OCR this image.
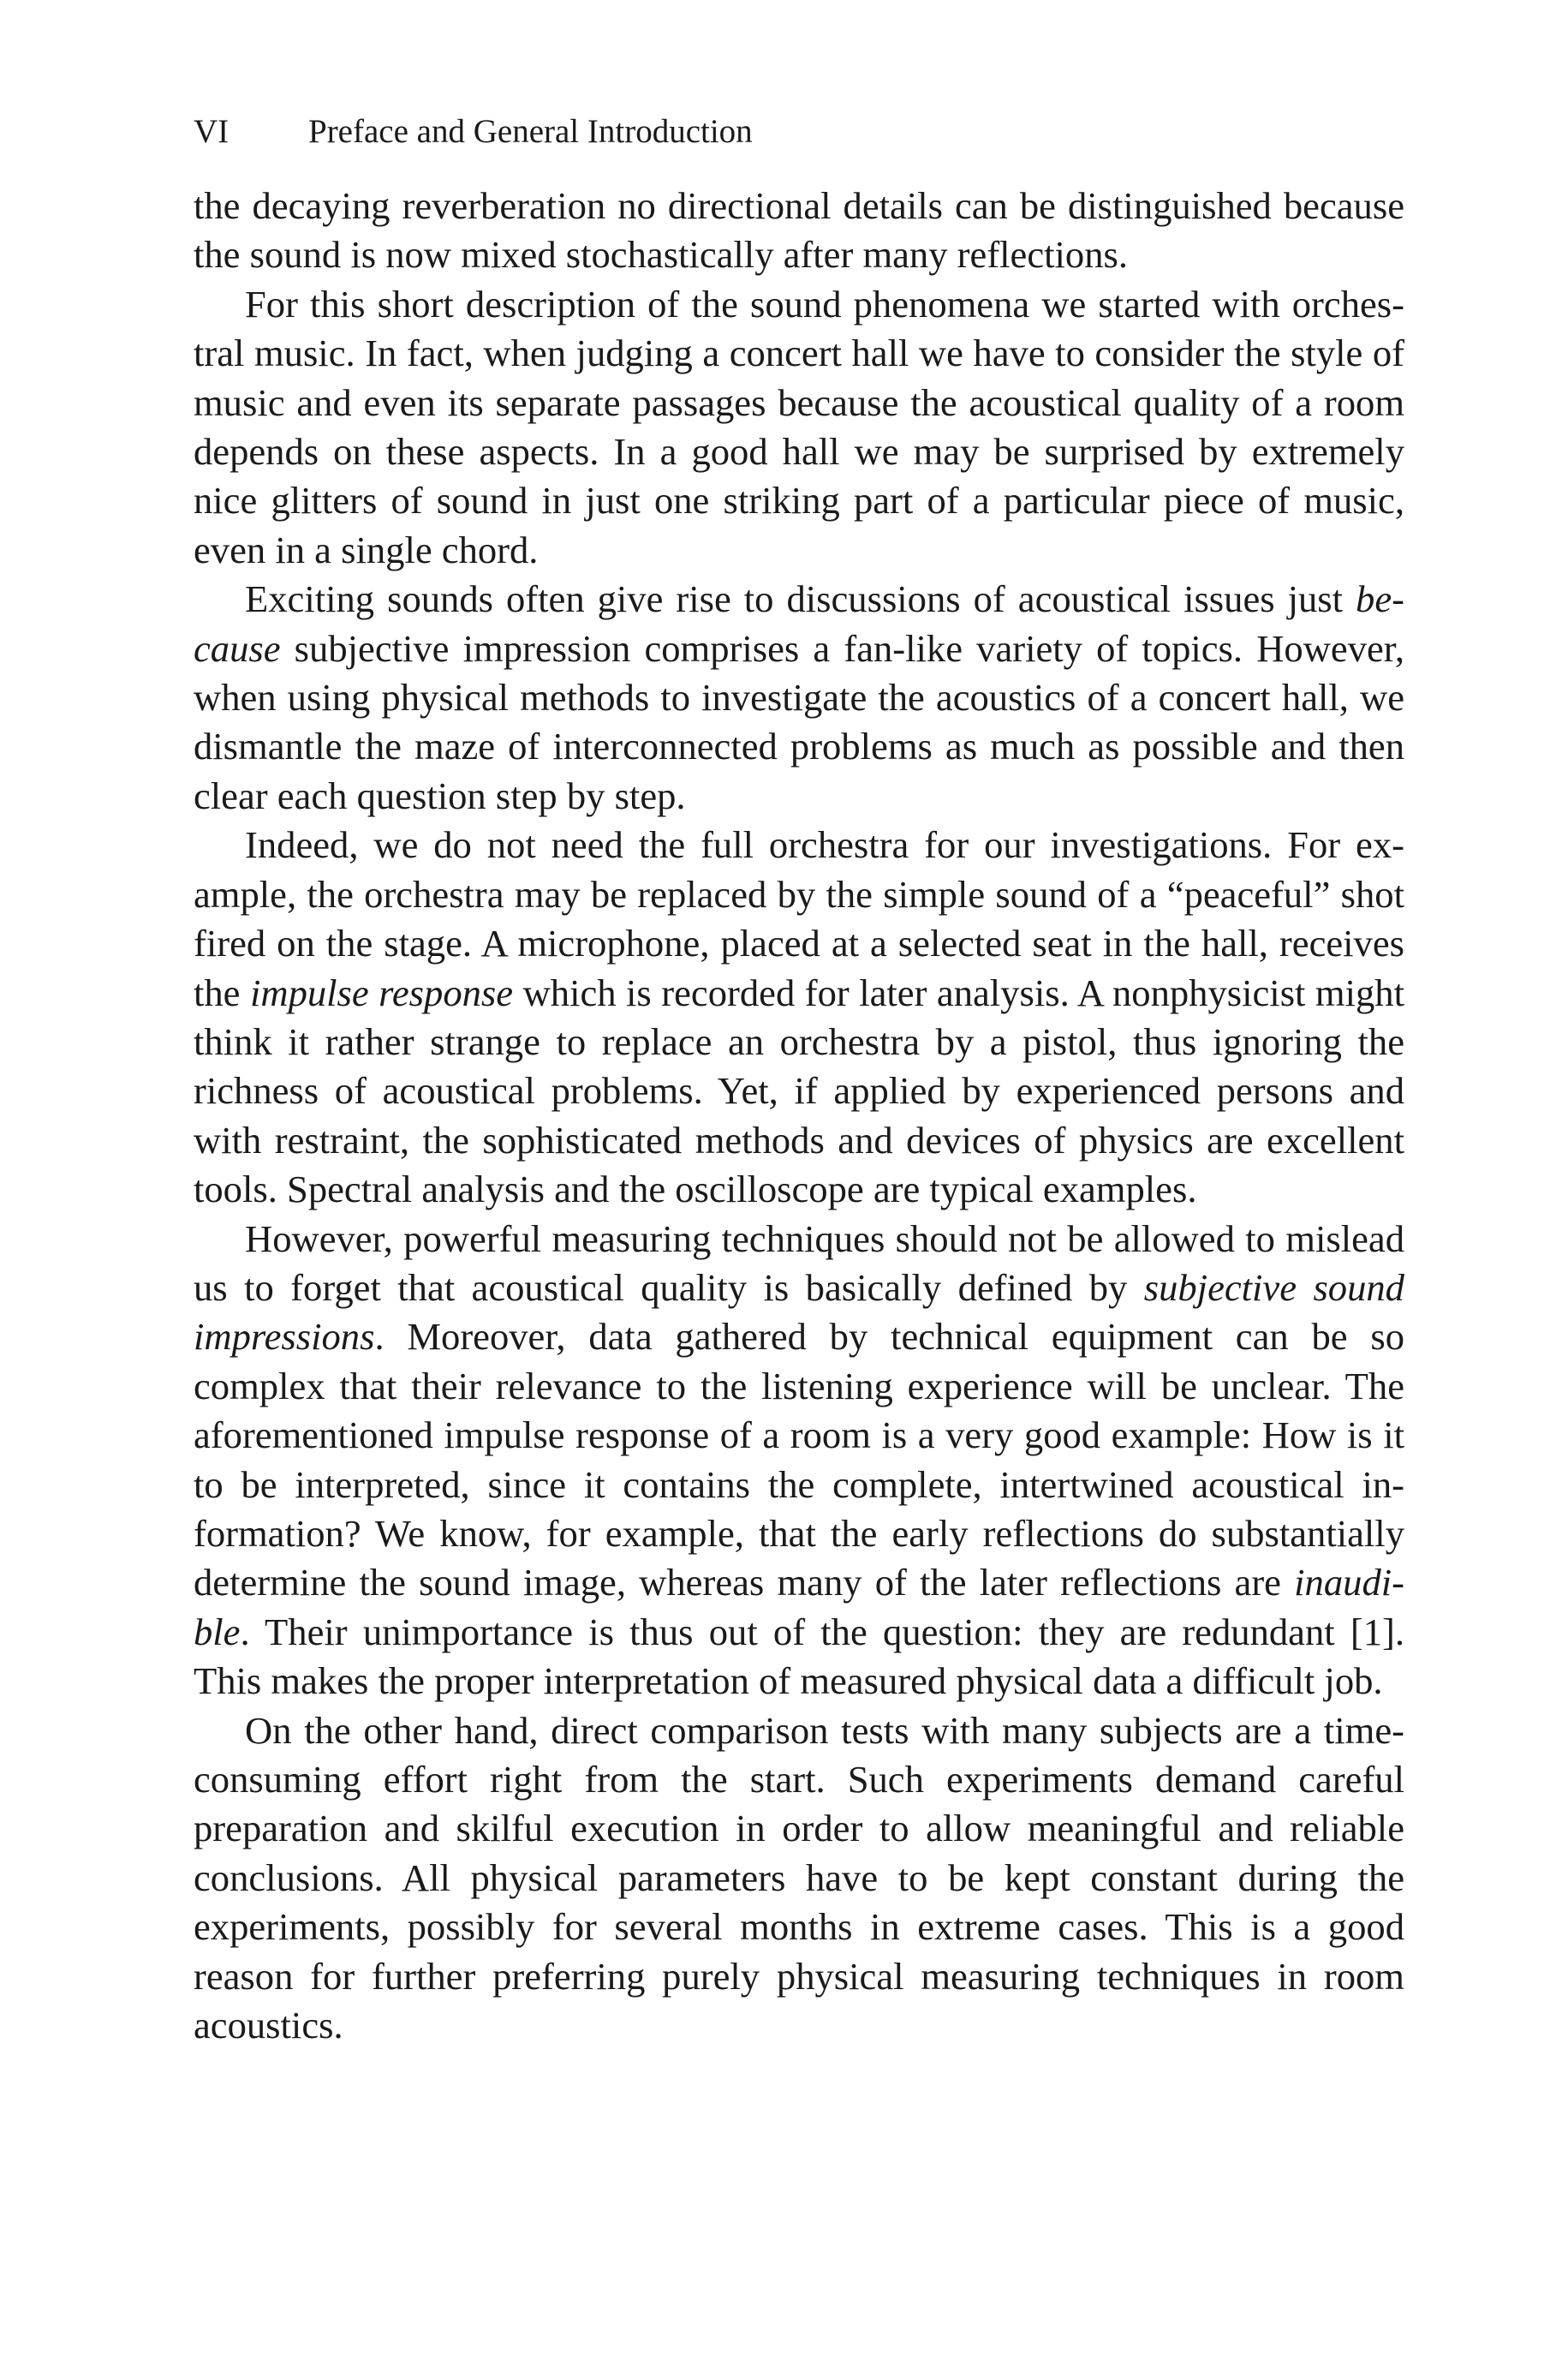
VI Preface and General Introduction

the decaying reverberation no directional details can be distinguished because the sound is now mixed stochastically after many reflections.

For this short description of the sound phenomena we started with orchestral music. In fact, when judging a concert hall we have to consider the style of music and even its separate passages because the acoustical quality of a room depends on these aspects. In a good hall we may be surprised by extremely nice glitters of sound in just one striking part of a particular piece of music, even in a single chord.

Exciting sounds often give rise to discussions of acoustical issues just because subjective impression comprises a fan-like variety of topics. However, when using physical methods to investigate the acoustics of a concert hall, we dismantle the maze of interconnected problems as much as possible and then clear each question step by step.

Indeed, we do not need the full orchestra for our investigations. For example, the orchestra may be replaced by the simple sound of a “peaceful” shot fired on the stage. A microphone, placed at a selected seat in the hall, receives the impulse response which is recorded for later analysis. A nonphysicist might think it rather strange to replace an orchestra by a pistol, thus ignoring the richness of acoustical problems. Yet, if applied by experienced persons and with restraint, the sophisticated methods and devices of physics are excellent tools. Spectral analysis and the oscilloscope are typical examples.

However, powerful measuring techniques should not be allowed to mislead us to forget that acoustical quality is basically defined by subjective sound impressions. Moreover, data gathered by technical equipment can be so complex that their relevance to the listening experience will be unclear. The aforementioned impulse response of a room is a very good example: How is it to be interpreted, since it contains the complete, intertwined acoustical information? We know, for example, that the early reflections do substantially determine the sound image, whereas many of the later reflections are inaudible. Their unimportance is thus out of the question: they are redundant [1]. This makes the proper interpretation of measured physical data a difficult job.

On the other hand, direct comparison tests with many subjects are a time-consuming effort right from the start. Such experiments demand careful preparation and skilful execution in order to allow meaningful and reliable conclusions. All physical parameters have to be kept constant during the experiments, possibly for several months in extreme cases. This is a good reason for further preferring purely physical measuring techniques in room acoustics.
